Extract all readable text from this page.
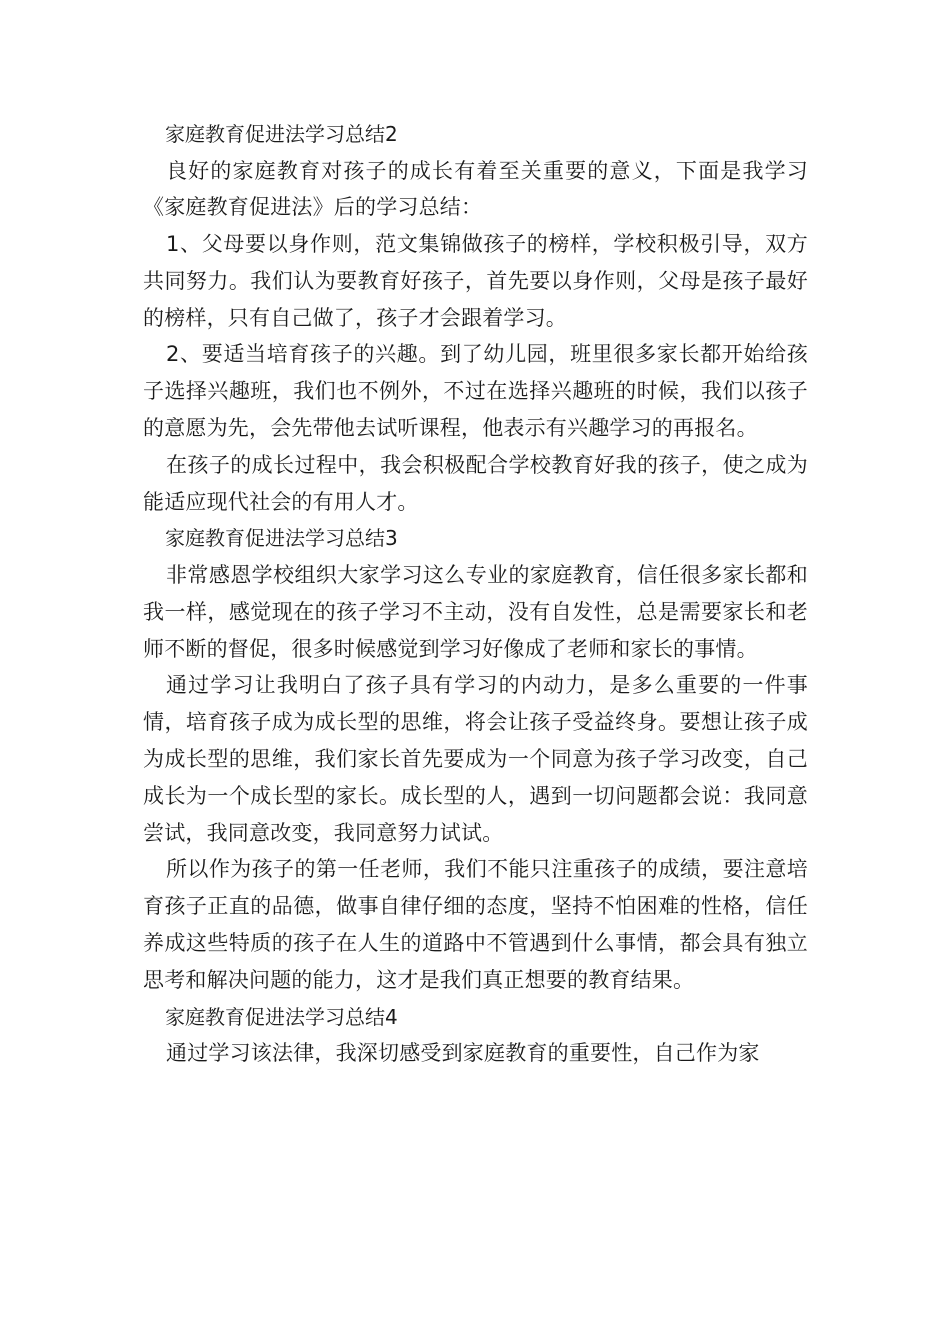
家庭教育促进法学习总结2

良好的家庭教育对孩子的成长有着至关重要的意义，下面是我学习《家庭教育促进法》后的学习总结：

1、父母要以身作则，范文集锦做孩子的榜样，学校积极引导，双方共同努力。我们认为要教育好孩子，首先要以身作则，父母是孩子最好的榜样，只有自己做了，孩子才会跟着学习。

2、要适当培育孩子的兴趣。到了幼儿园，班里很多家长都开始给孩子选择兴趣班，我们也不例外，不过在选择兴趣班的时候，我们以孩子的意愿为先，会先带他去试听课程，他表示有兴趣学习的再报名。

在孩子的成长过程中，我会积极配合学校教育好我的孩子，使之成为能适应现代社会的有用人才。

家庭教育促进法学习总结3

非常感恩学校组织大家学习这么专业的家庭教育，信任很多家长都和我一样，感觉现在的孩子学习不主动，没有自发性，总是需要家长和老师不断的督促，很多时候感觉到学习好像成了老师和家长的事情。

通过学习让我明白了孩子具有学习的内动力，是多么重要的一件事情，培育孩子成为成长型的思维，将会让孩子受益终身。要想让孩子成为成长型的思维，我们家长首先要成为一个同意为孩子学习改变，自己成长为一个成长型的家长。成长型的人，遇到一切问题都会说：我同意尝试，我同意改变，我同意努力试试。

所以作为孩子的第一任老师，我们不能只注重孩子的成绩，要注意培育孩子正直的品德，做事自律仔细的态度，坚持不怕困难的性格，信任养成这些特质的孩子在人生的道路中不管遇到什么事情，都会具有独立思考和解决问题的能力，这才是我们真正想要的教育结果。

家庭教育促进法学习总结4

通过学习该法律，我深切感受到家庭教育的重要性，自己作为家
